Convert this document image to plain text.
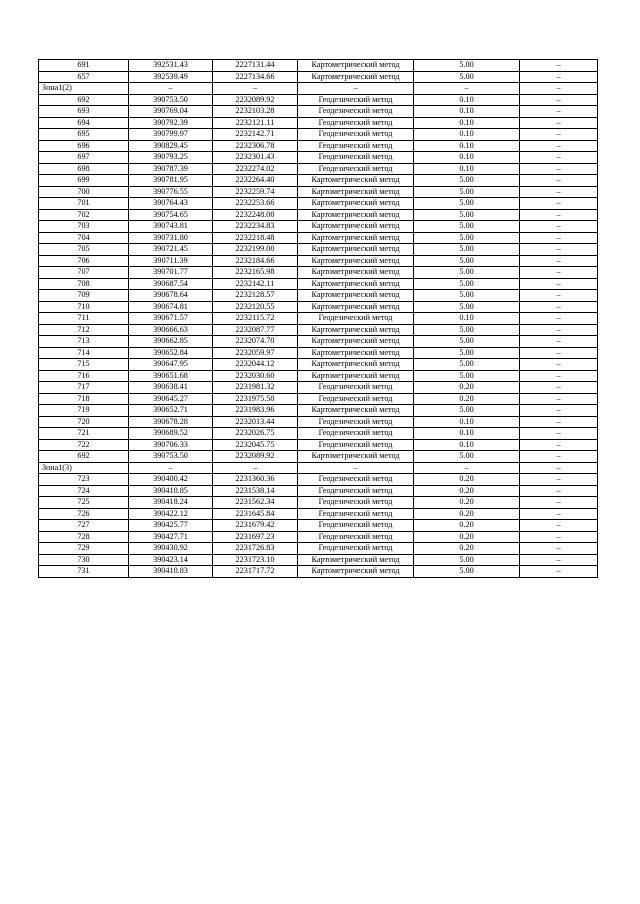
691	392531.43	2227131.44	Картометрический метод	5.00	–
657	392539.49	2227134.66	Картометрический метод	5.00	–
Зона1(2)	–	–	–	–	–
692	390753.50	2232089.92	Геодезический метод	0.10	–
693	390769.04	2232103.28	Геодезический метод	0.10	–
694	390792.39	2232121.11	Геодезический метод	0.10	–
695	390799.97	2232142.71	Геодезический метод	0.10	–
696	390829.45	2232306.78	Геодезический метод	0.10	–
697	390793.25	2232301.43	Геодезический метод	0.10	–
698	390787.39	2232274.02	Геодезический метод	0.10	–
699	390781.95	2232264.40	Картометрический метод	5.00	–
700	390776.55	2232259.74	Картометрический метод	5.00	–
701	390764.43	2232253.66	Картометрический метод	5.00	–
702	390754.65	2232248.00	Картометрический метод	5.00	–
703	390743.81	2232234.83	Картометрический метод	5.00	–
704	390731.80	2232218.48	Картометрический метод	5.00	–
705	390721.45	2232199.00	Картометрический метод	5.00	–
706	390711.39	2232184.66	Картометрический метод	5.00	–
707	390701.77	2232165.98	Картометрический метод	5.00	–
708	390687.54	2232142.11	Картометрический метод	5.00	–
709	390678.64	2232128.57	Картометрический метод	5.00	–
710	390674.81	2232120.55	Картометрический метод	5.00	–
711	390671.57	2232115.72	Геодезический метод	0.10	–
712	390666.63	2232087.77	Картометрический метод	5.00	–
713	390662.85	2232074.70	Картометрический метод	5.00	–
714	390652.84	2232059.97	Картометрический метод	5.00	–
715	390647.95	2232044.12	Картометрический метод	5.00	–
716	390651.68	2232030.60	Картометрический метод	5.00	–
717	390638.41	2231981.32	Геодезический метод	0.20	–
718	390645.27	2231975.50	Геодезический метод	0.20	–
719	390652.71	2231983.96	Картометрический метод	5.00	–
720	390678.28	2232013.44	Геодезический метод	0.10	–
721	390689.52	2232026.75	Геодезический метод	0.10	–
722	390706.33	2232045.75	Геодезический метод	0.10	–
692	390753.50	2232089.92	Картометрический метод	5.00	–
Зона1(3)	–	–	–	–	–
723	390400.42	2231360.36	Геодезический метод	0.20	–
724	390410.85	2231538.14	Геодезический метод	0.20	–
725	390418.24	2231562.34	Геодезический метод	0.20	–
726	390422.12	2231645.84	Геодезический метод	0.20	–
727	390425.77	2231679.42	Геодезический метод	0.20	–
728	390427.71	2231697.23	Геодезический метод	0.20	–
729	390430.92	2231726.83	Геодезический метод	0.20	–
730	390423.14	2231723.10	Картометрический метод	5.00	–
731	390410.83	2231717.72	Картометрический метод	5.00	–
